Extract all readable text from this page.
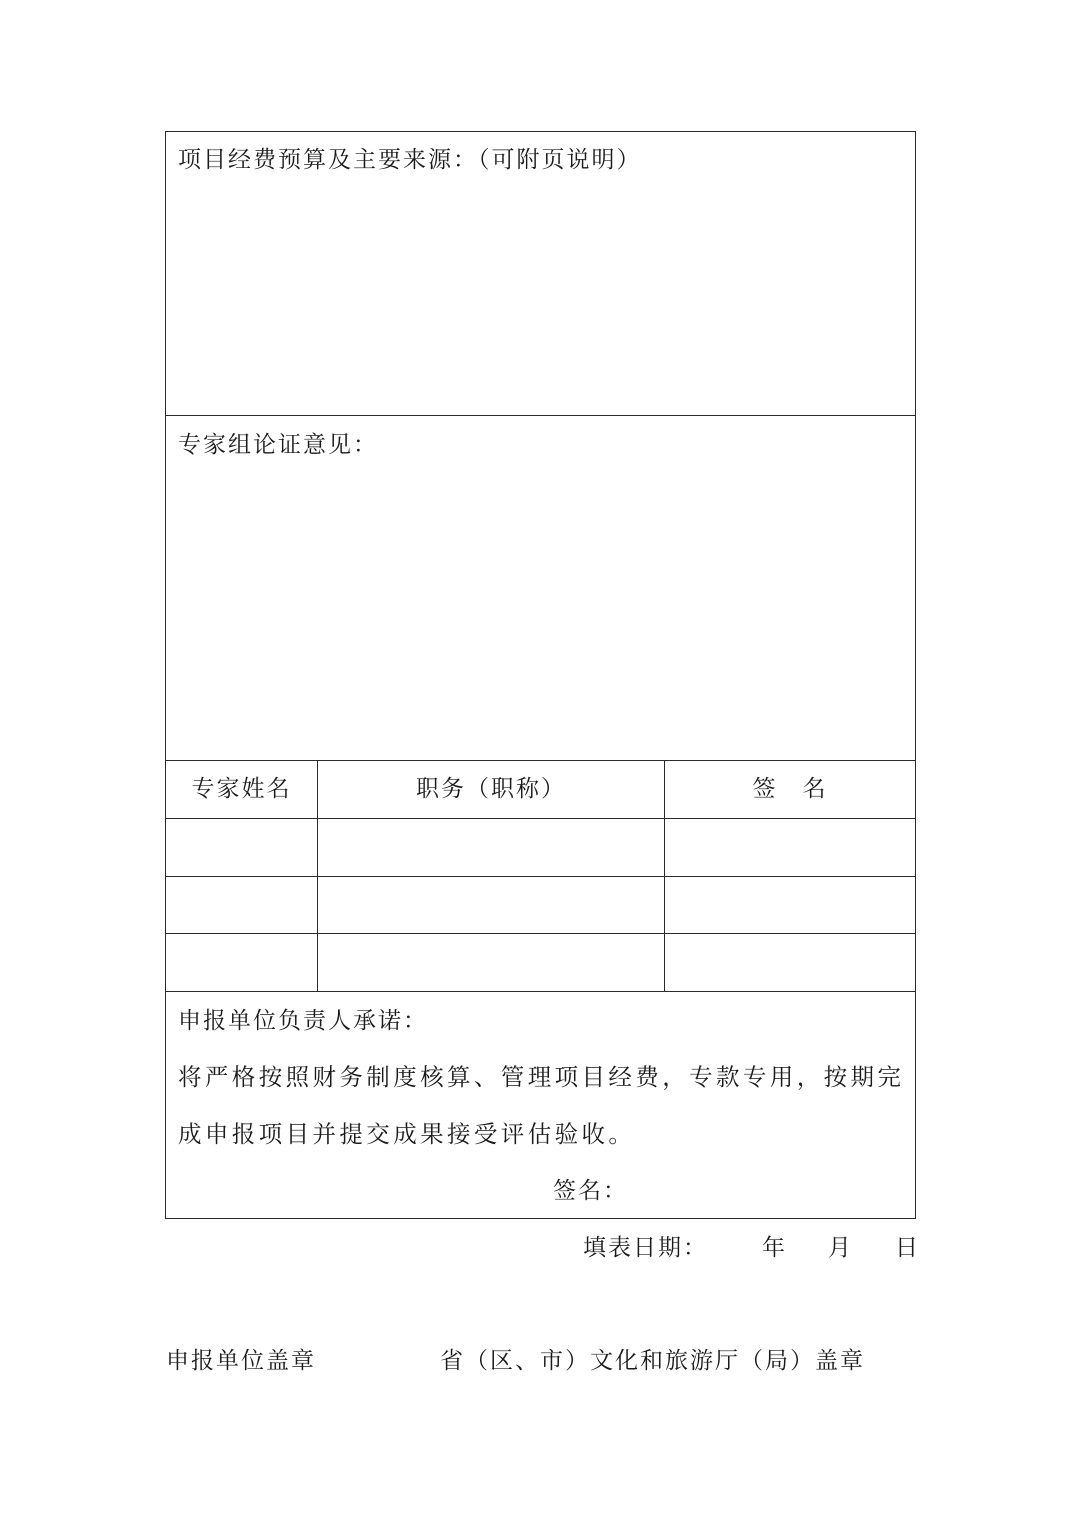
项目经费预算及主要来源：（可附页说明）
专家组论证意见：
专家姓名	职务（职称）	签　名
申报单位负责人承诺：
将严格按照财务制度核算、管理项目经费，专款专用，按期完
成申报项目并提交成果接受评估验收。
签名：
填表日期： 年 月 日
申报单位盖章	省（区、市）文化和旅游厅（局）盖章
